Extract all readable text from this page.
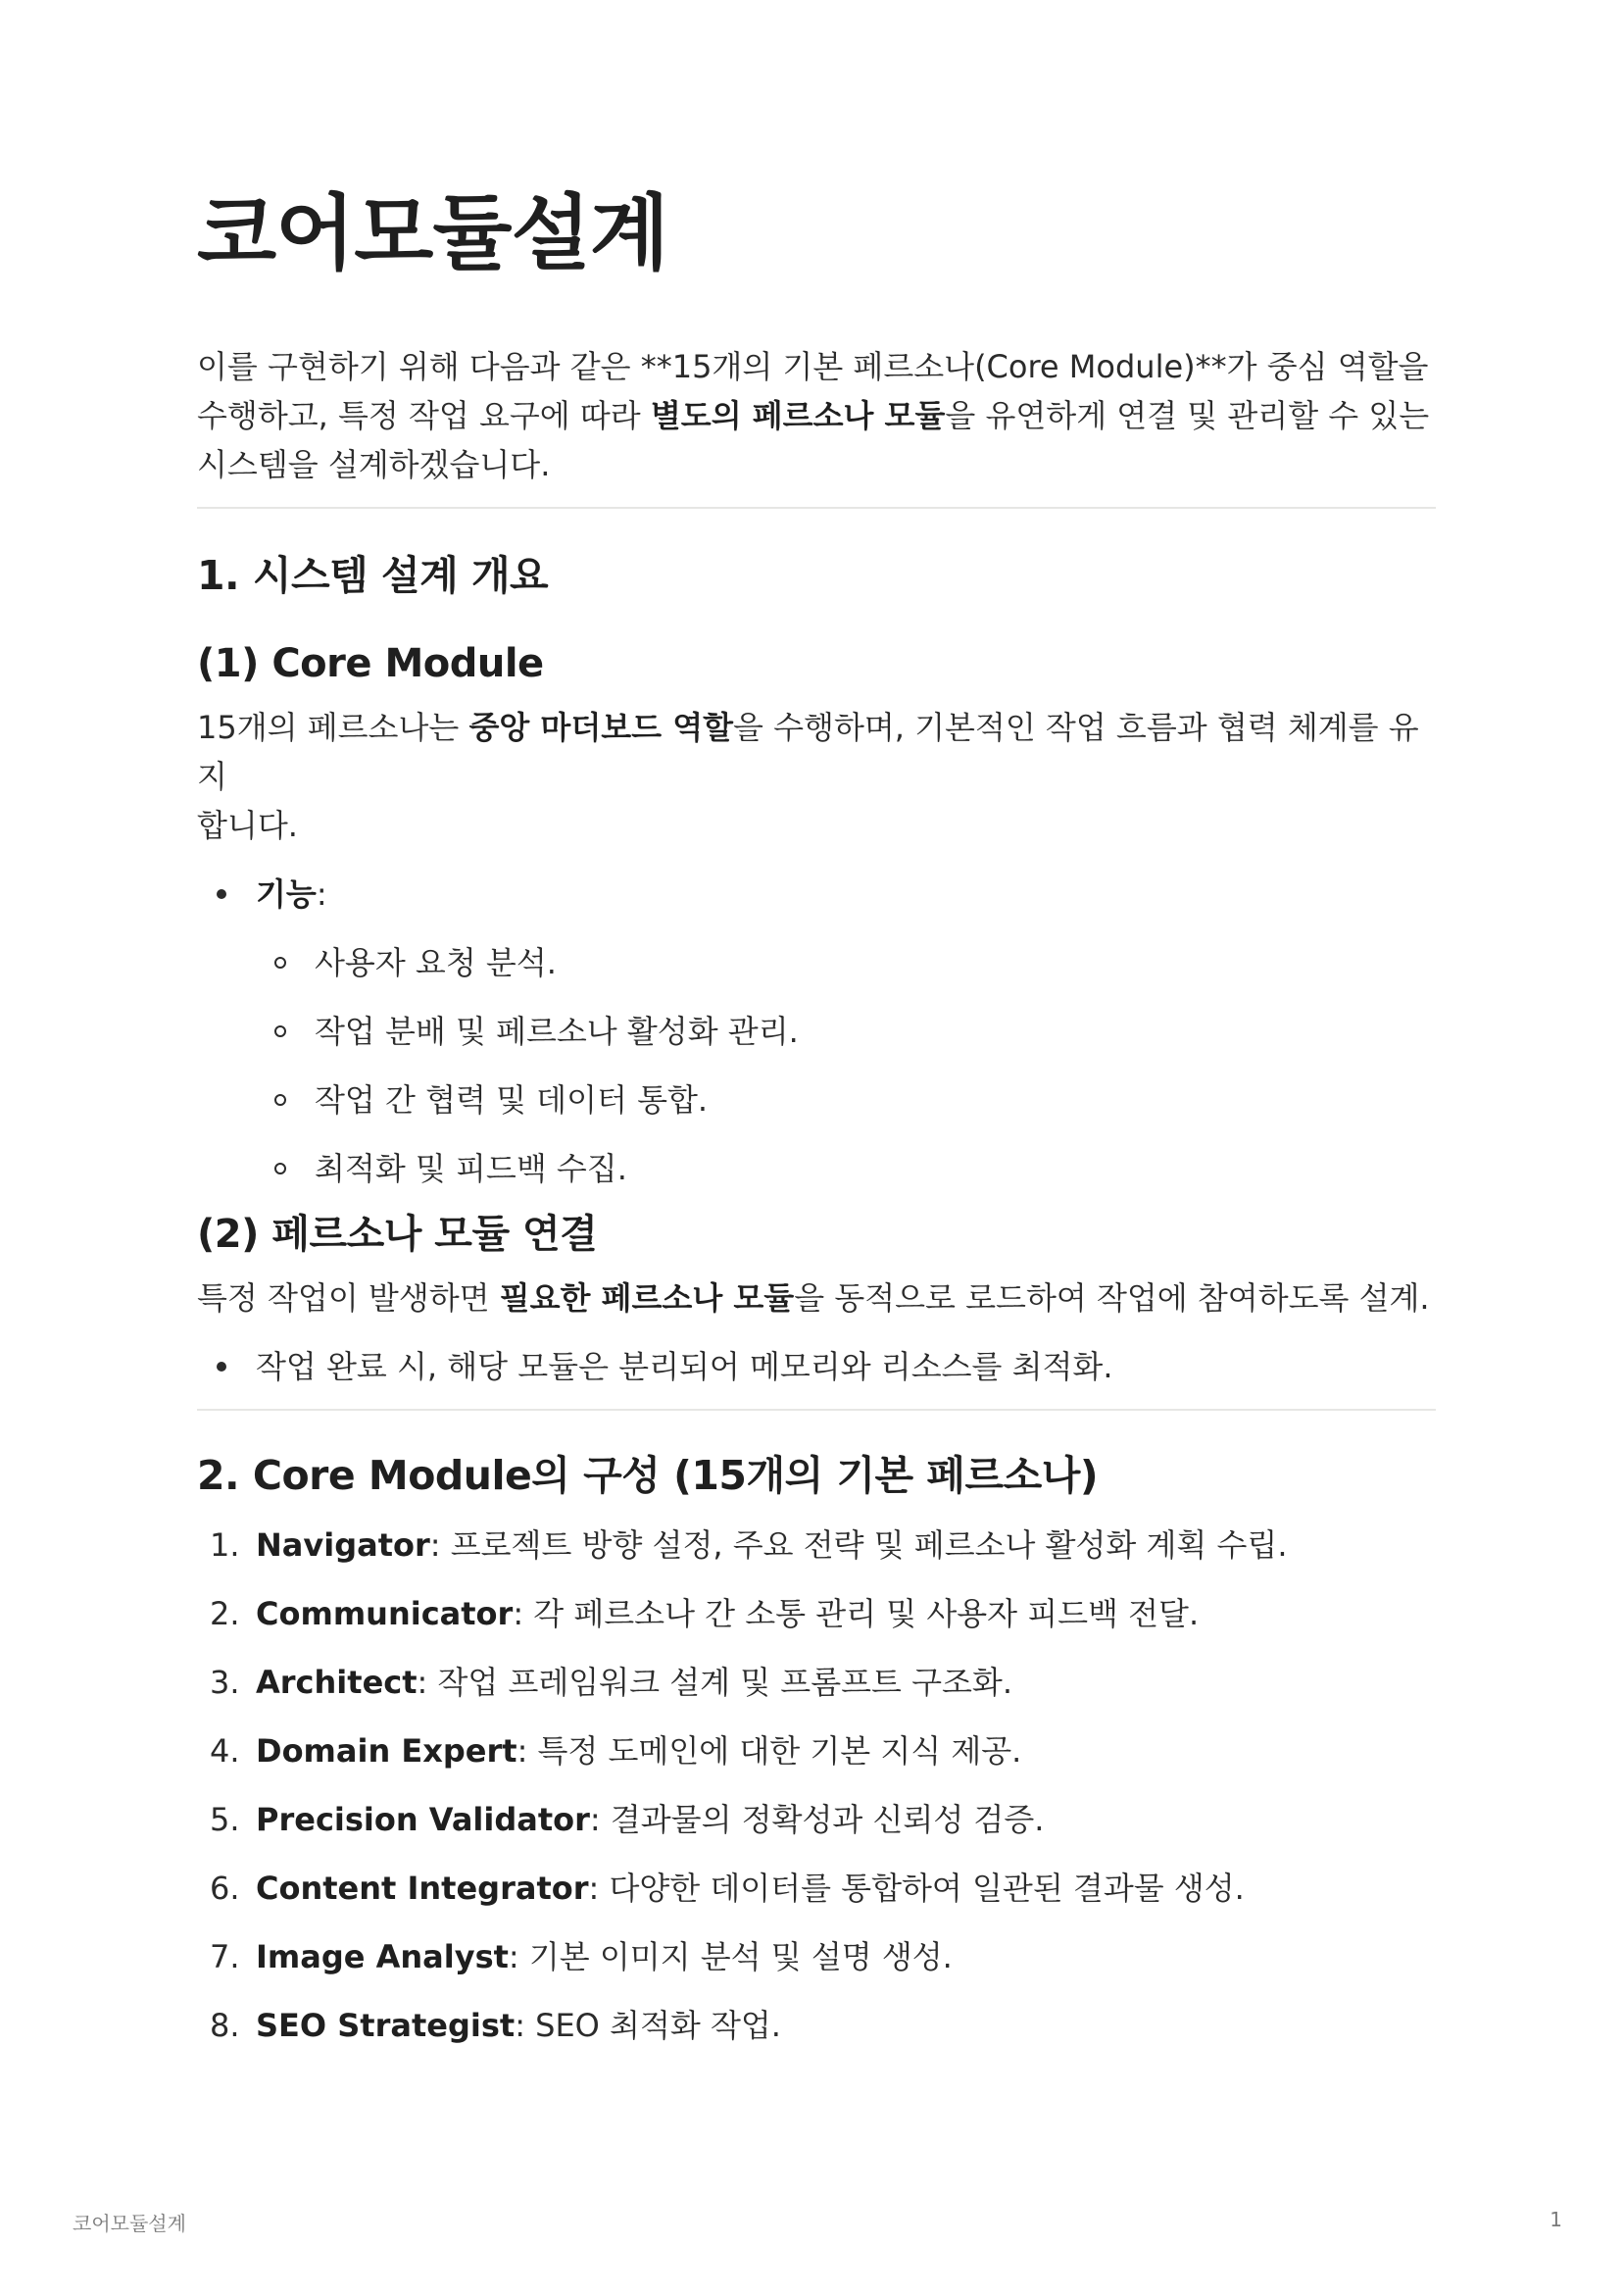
코어모듈설계
이를 구현하기 위해 다음과 같은 **15개의 기본 페르소나(Core Module)**가 중심 역할을
수행하고, 특정 작업 요구에 따라 별도의 페르소나 모듈을 유연하게 연결 및 관리할 수 있는
시스템을 설계하겠습니다.
1. 시스템 설계 개요
(1) Core Module

15개의 페르소나는 중앙 마더보드 역할을 수행하며, 기본적인 작업 흐름과 협력 체계를 유지
합니다.

기능:
사용자 요청 분석.
작업 분배 및 페르소나 활성화 관리.
작업 간 협력 및 데이터 통합.
최적화 및 피드백 수집.
(2) 페르소나 모듈 연결

특정 작업이 발생하면 필요한 페르소나 모듈을 동적으로 로드하여 작업에 참여하도록 설계.

작업 완료 시, 해당 모듈은 분리되어 메모리와 리소스를 최적화.
2. Core Module의 구성 (15개의 기본 페르소나)
1. Navigator: 프로젝트 방향 설정, 주요 전략 및 페르소나 활성화 계획 수립.
2. Communicator: 각 페르소나 간 소통 관리 및 사용자 피드백 전달.
3. Architect: 작업 프레임워크 설계 및 프롬프트 구조화.
4. Domain Expert: 특정 도메인에 대한 기본 지식 제공.
5. Precision Validator: 결과물의 정확성과 신뢰성 검증.
6. Content Integrator: 다양한 데이터를 통합하여 일관된 결과물 생성.
7. Image Analyst: 기본 이미지 분석 및 설명 생성.
8. SEO Strategist: SEO 최적화 작업.
코어모듈설계	1
